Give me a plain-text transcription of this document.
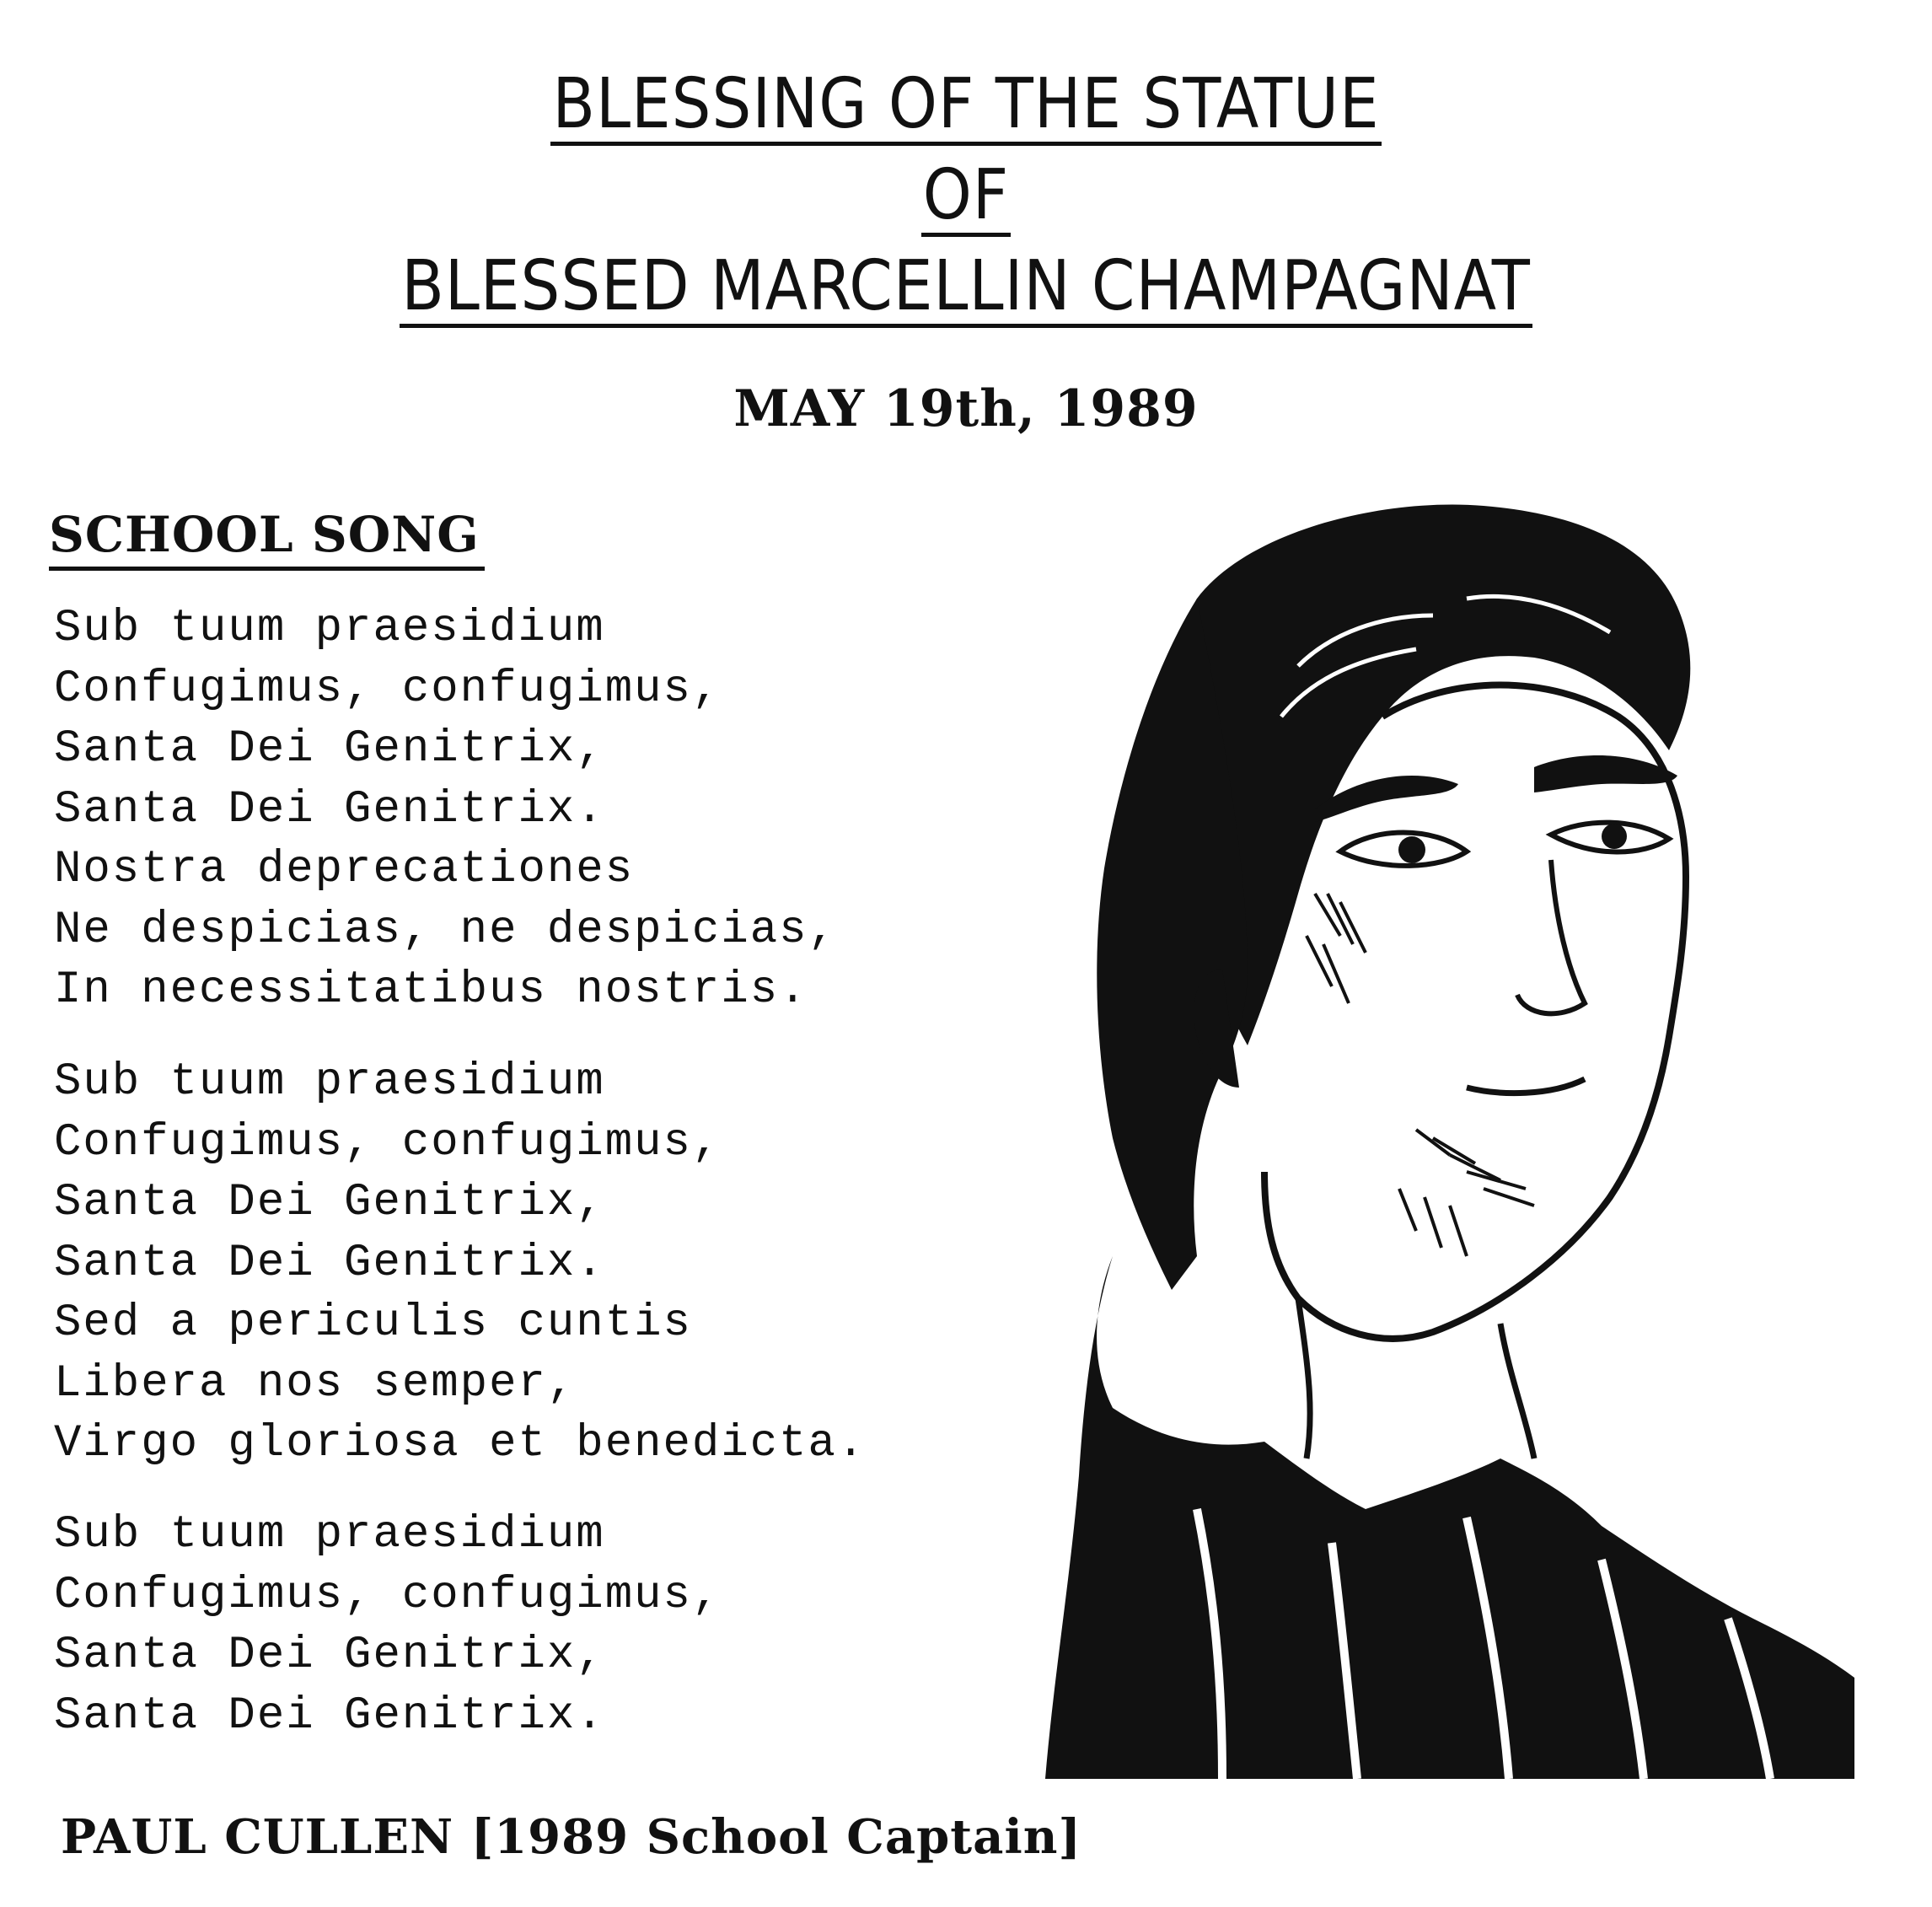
BLESSING OF THE STATUE
OF
BLESSED MARCELLIN CHAMPAGNAT
MAY 19th, 1989
SCHOOL SONG
Sub tuum praesidium
Confugimus, confugimus,
Santa Dei Genitrix,
Santa Dei Genitrix.
Nostra deprecationes
Ne despicias, ne despicias,
In necessitatibus nostris.
Sub tuum praesidium
Confugimus, confugimus,
Santa Dei Genitrix,
Santa Dei Genitrix.
Sed a periculis cuntis
Libera nos semper,
Virgo gloriosa et benedicta.
Sub tuum praesidium
Confugimus, confugimus,
Santa Dei Genitrix,
Santa Dei Genitrix.
PAUL CULLEN [1989 School Captain]
